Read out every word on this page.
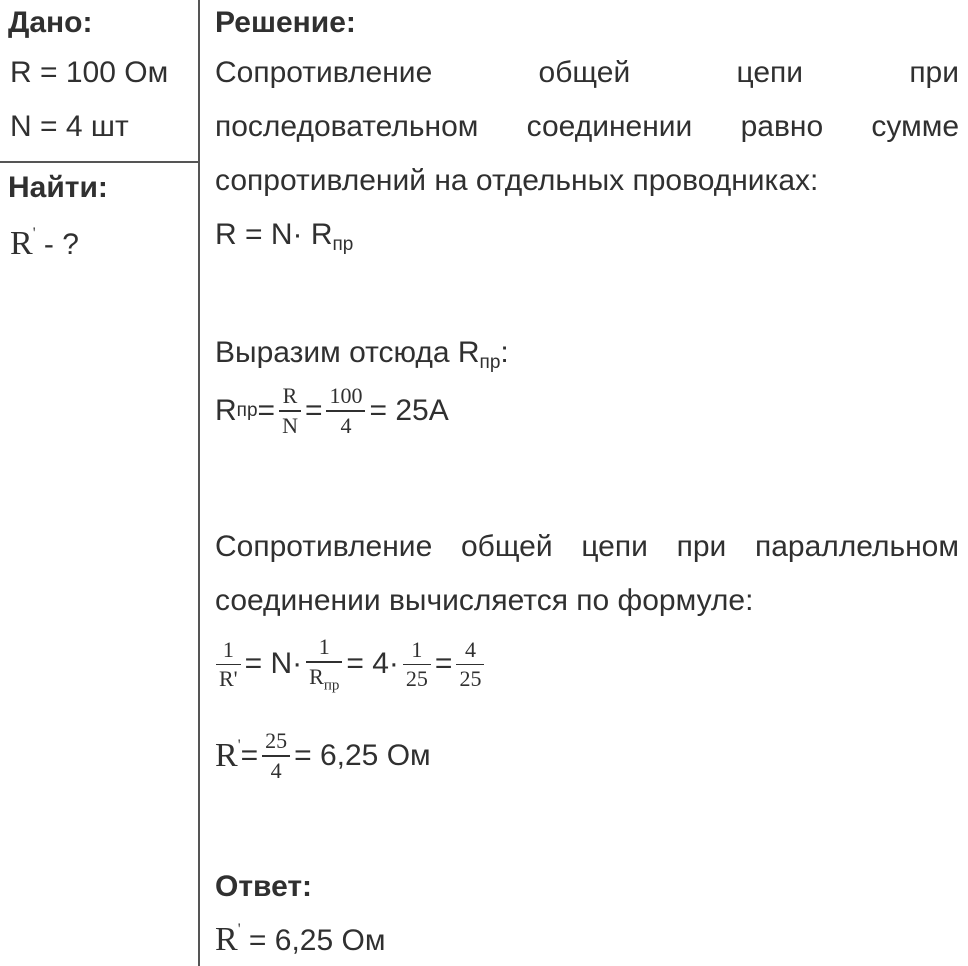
Дано:
R = 100 Ом
N = 4 шт
Найти:
R' - ?
Решение:
Сопротивление	общей	цепи	при
последовательном соединении равно сумме
сопротивлений на отдельных проводниках:
$R = N\cdot R_{пр}$
Выразим отсюда $R_{пр}$:
R пр = $\frac{R}{N} = \frac{100}{4} = 25А$
Сопротивление общей цепи при параллельном
соединении вычисляется по формуле:
$\frac{1}{R'} = N\cdot \frac{1}{R_{пр}} = 4\cdot \frac{1}{25} = \frac{4}{25}$
$R' = \frac{25}{4} = 6,25$ Ом
Ответ:
R' = 6,25 Ом
